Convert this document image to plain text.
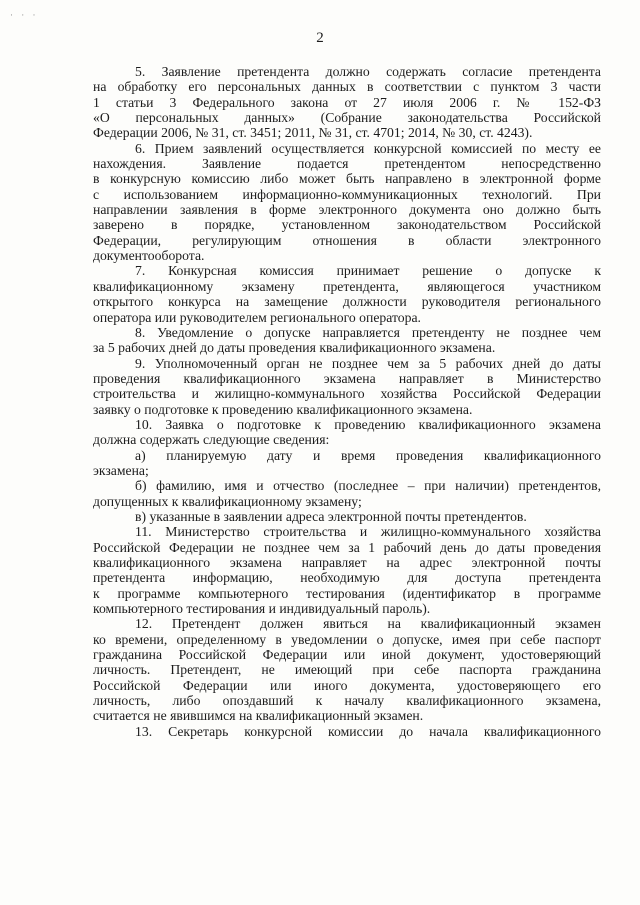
· · ·
2
5. Заявление претендента должно содержать согласие претендента
на обработку его персональных данных в соответствии с пунктом 3 части
1 статьи 3 Федерального закона от 27 июля 2006 г. № 152-ФЗ
«О персональных данных» (Собрание законодательства Российской
Федерации 2006, № 31, ст. 3451; 2011, № 31, ст. 4701; 2014, № 30, ст. 4243).
6. Прием заявлений осуществляется конкурсной комиссией по месту ее
нахождения. Заявление подается претендентом непосредственно
в конкурсную комиссию либо может быть направлено в электронной форме
с использованием информационно-коммуникационных технологий. При
направлении заявления в форме электронного документа оно должно быть
заверено в порядке, установленном законодательством Российской
Федерации, регулирующим отношения в области электронного
документооборота.
7. Конкурсная комиссия принимает решение о допуске к
квалификационному экзамену претендента, являющегося участником
открытого конкурса на замещение должности руководителя регионального
оператора или руководителем регионального оператора.
8. Уведомление о допуске направляется претенденту не позднее чем
за 5 рабочих дней до даты проведения квалификационного экзамена.
9. Уполномоченный орган не позднее чем за 5 рабочих дней до даты
проведения квалификационного экзамена направляет в Министерство
строительства и жилищно-коммунального хозяйства Российской Федерации
заявку о подготовке к проведению квалификационного экзамена.
10. Заявка о подготовке к проведению квалификационного экзамена
должна содержать следующие сведения:
а) планируемую дату и время проведения квалификационного
экзамена;
б) фамилию, имя и отчество (последнее – при наличии) претендентов,
допущенных к квалификационному экзамену;
в) указанные в заявлении адреса электронной почты претендентов.
11. Министерство строительства и жилищно-коммунального хозяйства
Российской Федерации не позднее чем за 1 рабочий день до даты проведения
квалификационного экзамена направляет на адрес электронной почты
претендента информацию, необходимую для доступа претендента
к программе компьютерного тестирования (идентификатор в программе
компьютерного тестирования и индивидуальный пароль).
12. Претендент должен явиться на квалификационный экзамен
ко времени, определенному в уведомлении о допуске, имея при себе паспорт
гражданина Российской Федерации или иной документ, удостоверяющий
личность. Претендент, не имеющий при себе паспорта гражданина
Российской Федерации или иного документа, удостоверяющего его
личность, либо опоздавший к началу квалификационного экзамена,
считается не явившимся на квалификационный экзамен.
13. Секретарь конкурсной комиссии до начала квалификационного
